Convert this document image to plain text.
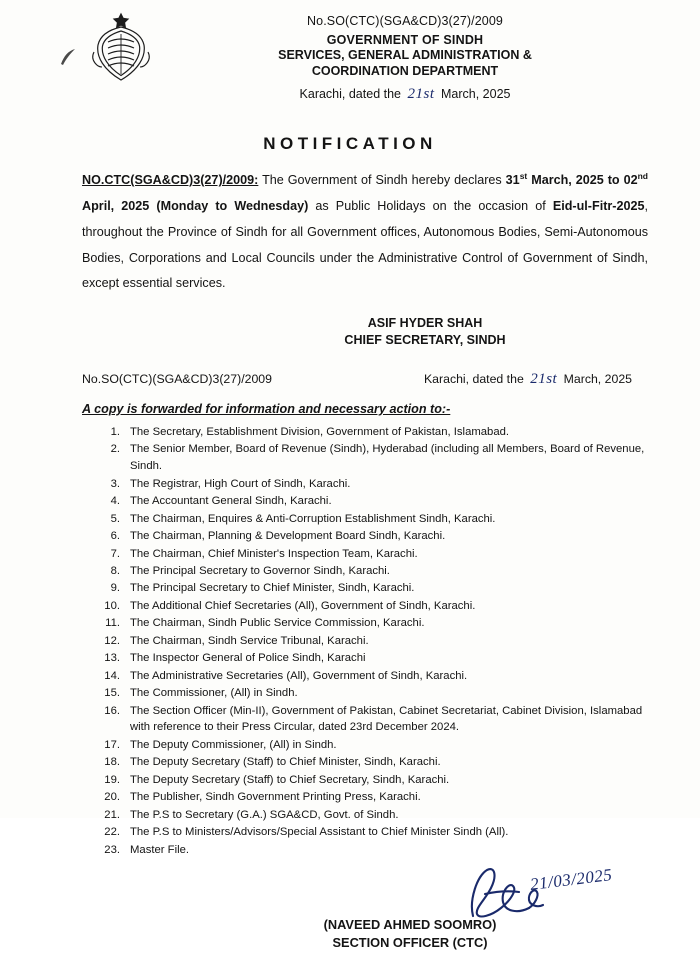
No.SO(CTC)(SGA&CD)3(27)/2009
GOVERNMENT OF SINDH
SERVICES, GENERAL ADMINISTRATION &
COORDINATION DEPARTMENT
Karachi, dated the 21st March, 2025
NOTIFICATION
NO.CTC(SGA&CD)3(27)/2009: The Government of Sindh hereby declares 31st March, 2025 to 02nd April, 2025 (Monday to Wednesday) as Public Holidays on the occasion of Eid-ul-Fitr-2025, throughout the Province of Sindh for all Government offices, Autonomous Bodies, Semi-Autonomous Bodies, Corporations and Local Councils under the Administrative Control of Government of Sindh, except essential services.
ASIF HYDER SHAH
CHIEF SECRETARY, SINDH
No.SO(CTC)(SGA&CD)3(27)/2009	Karachi, dated the 21st March, 2025
A copy is forwarded for information and necessary action to:-
1. The Secretary, Establishment Division, Government of Pakistan, Islamabad.
2. The Senior Member, Board of Revenue (Sindh), Hyderabad (including all Members, Board of Revenue, Sindh.
3. The Registrar, High Court of Sindh, Karachi.
4. The Accountant General Sindh, Karachi.
5. The Chairman, Enquires & Anti-Corruption Establishment Sindh, Karachi.
6. The Chairman, Planning & Development Board Sindh, Karachi.
7. The Chairman, Chief Minister's Inspection Team, Karachi.
8. The Principal Secretary to Governor Sindh, Karachi.
9. The Principal Secretary to Chief Minister, Sindh, Karachi.
10. The Additional Chief Secretaries (All), Government of Sindh, Karachi.
11. The Chairman, Sindh Public Service Commission, Karachi.
12. The Chairman, Sindh Service Tribunal, Karachi.
13. The Inspector General of Police Sindh, Karachi
14. The Administrative Secretaries (All), Government of Sindh, Karachi.
15. The Commissioner, (All) in Sindh.
16. The Section Officer (Min-II), Government of Pakistan, Cabinet Secretariat, Cabinet Division, Islamabad with reference to their Press Circular, dated 23rd December 2024.
17. The Deputy Commissioner, (All) in Sindh.
18. The Deputy Secretary (Staff) to Chief Minister, Sindh, Karachi.
19. The Deputy Secretary (Staff) to Chief Secretary, Sindh, Karachi.
20. The Publisher, Sindh Government Printing Press, Karachi.
21. The P.S to Secretary (G.A.) SGA&CD, Govt. of Sindh.
22. The P.S to Ministers/Advisors/Special Assistant to Chief Minister Sindh (All).
23. Master File.
21/03/2025
(NAVEED AHMED SOOMRO)
SECTION OFFICER (CTC)
